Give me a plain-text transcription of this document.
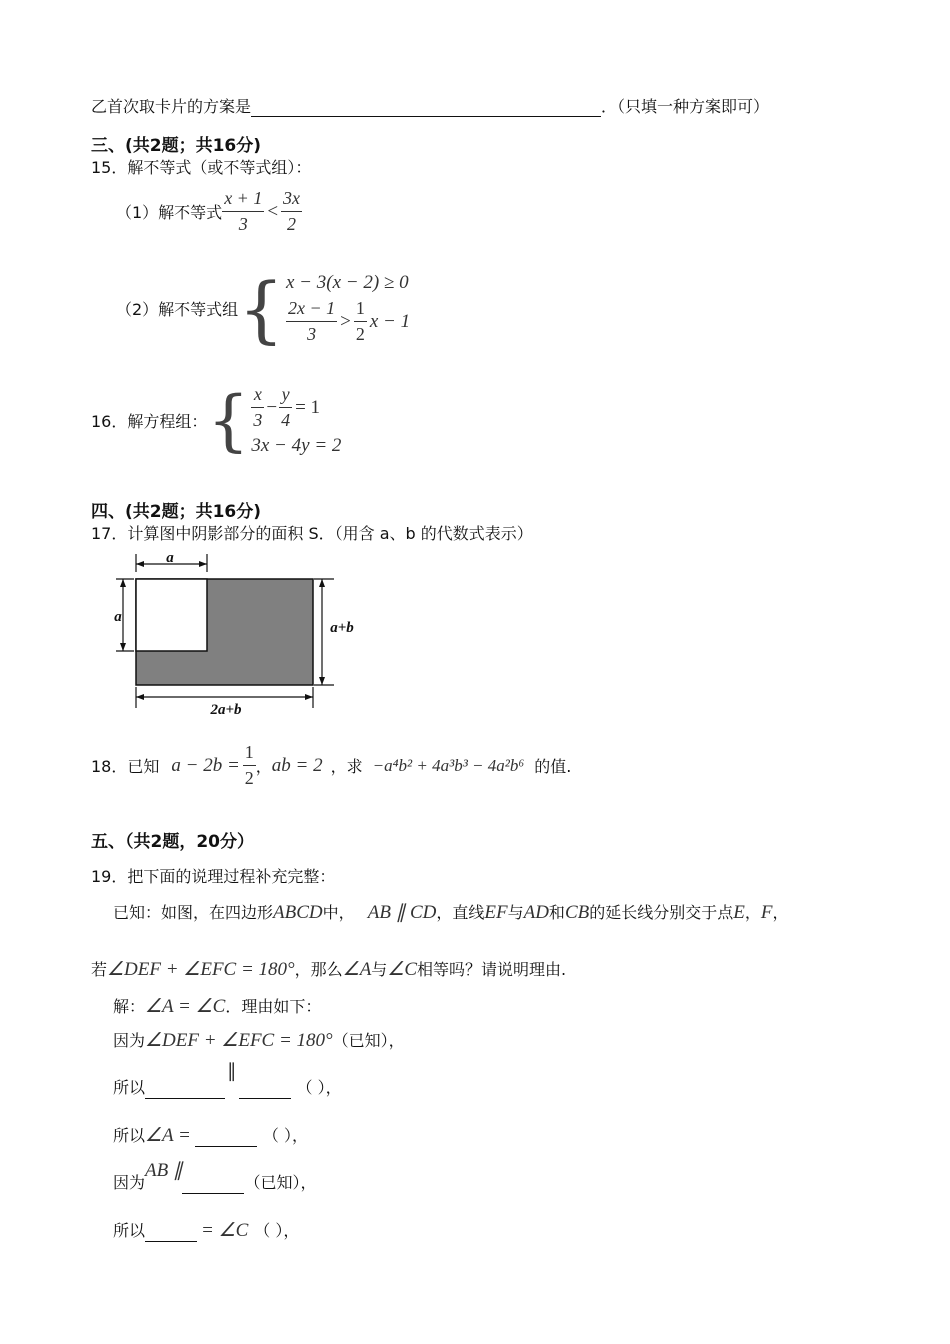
乙首次取卡片的方案是	．（只填一种方案即可）
三、(共2题；共16分)
15．解不等式（或不等式组）：
（1）解不等式 $\frac{x + 1}{3} < \frac{3x}{2}$
（2）解不等式组 { x − 3(x − 2) ≥ 0
$\frac{2x - 1}{3} > \frac{1}{2}$ x − 1
16．解方程组： { $\frac{x}{3} - \frac{y}{4} = 1$
3x − 4y = 2
四、(共2题；共16分)
17．计算图中阴影部分的面积 S．（用含 a、b 的代数式表示）
a
a
a+b
2a+b
18．已知 $a - 2b = \frac{1}{2}$ ， ab = 2 ，求 −a⁴b² + 4a³b³ − 4a²b⁶ 的值.
五、（共2题，20分）
19．把下面的说理过程补充完整：
已知：如图，在四边形ABCD中， AB ∥ CD，直线EF与AD和CB的延长线分别交于点E，F，
若∠DEF + ∠EFC = 180°，那么∠A与∠C相等吗？请说明理由.
解：∠A = ∠C．理由如下：
因为∠DEF + ∠EFC = 180°（已知），
所以∥（ ），
所以∠A =	（ ），
因为AB ∥（已知），
所以	= ∠C （ ），
